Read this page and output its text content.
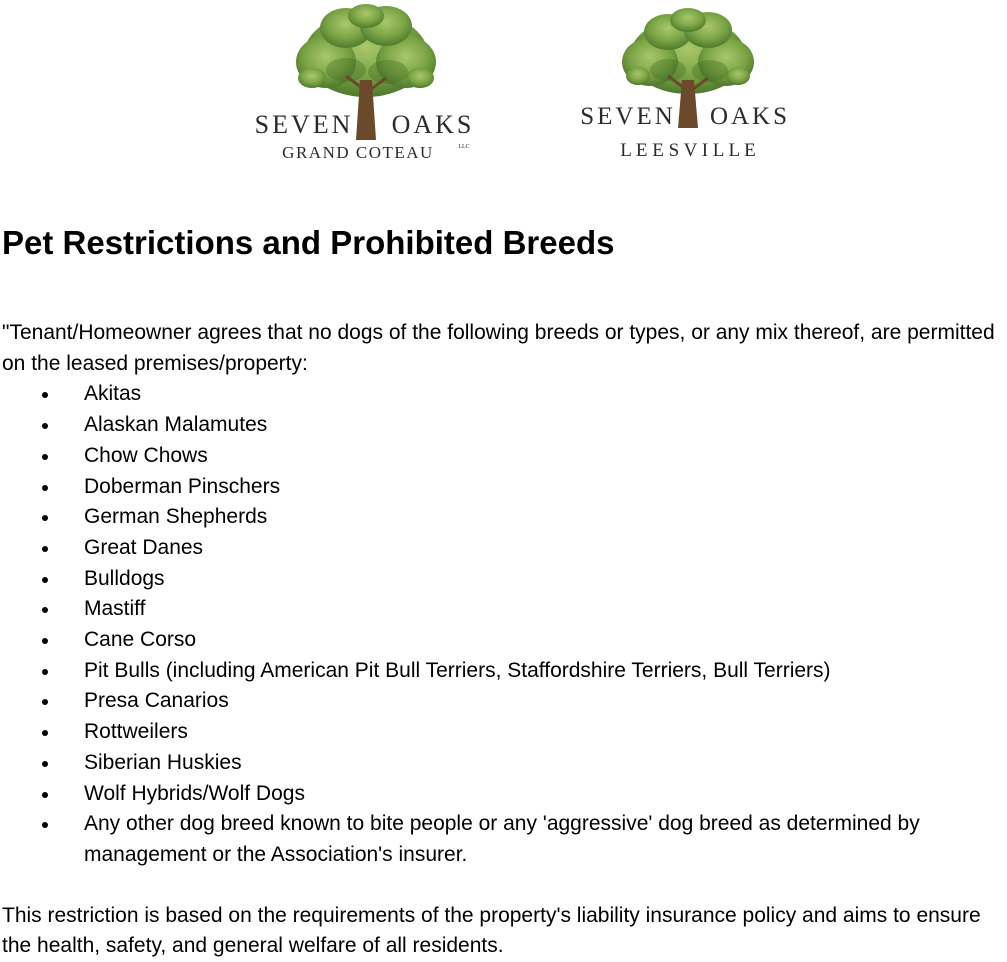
SEVEN OAKS
GRAND COTEAU	LLC
SEVEN OAKS
L E E S V I L L E
Pet Restrictions and Prohibited Breeds

"Tenant/Homeowner agrees that no dogs of the following breeds or types, or any mix thereof, are permitted on the leased premises/property:

Akitas
Alaskan Malamutes
Chow Chows
Doberman Pinschers
German Shepherds
Great Danes
Bulldogs
Mastiff
Cane Corso
Pit Bulls (including American Pit Bull Terriers, Staffordshire Terriers, Bull Terriers)
Presa Canarios
Rottweilers
Siberian Huskies
Wolf Hybrids/Wolf Dogs
Any other dog breed known to bite people or any 'aggressive' dog breed as determined by management or the Association's insurer.

This restriction is based on the requirements of the property's liability insurance policy and aims to ensure the health, safety, and general welfare of all residents.
